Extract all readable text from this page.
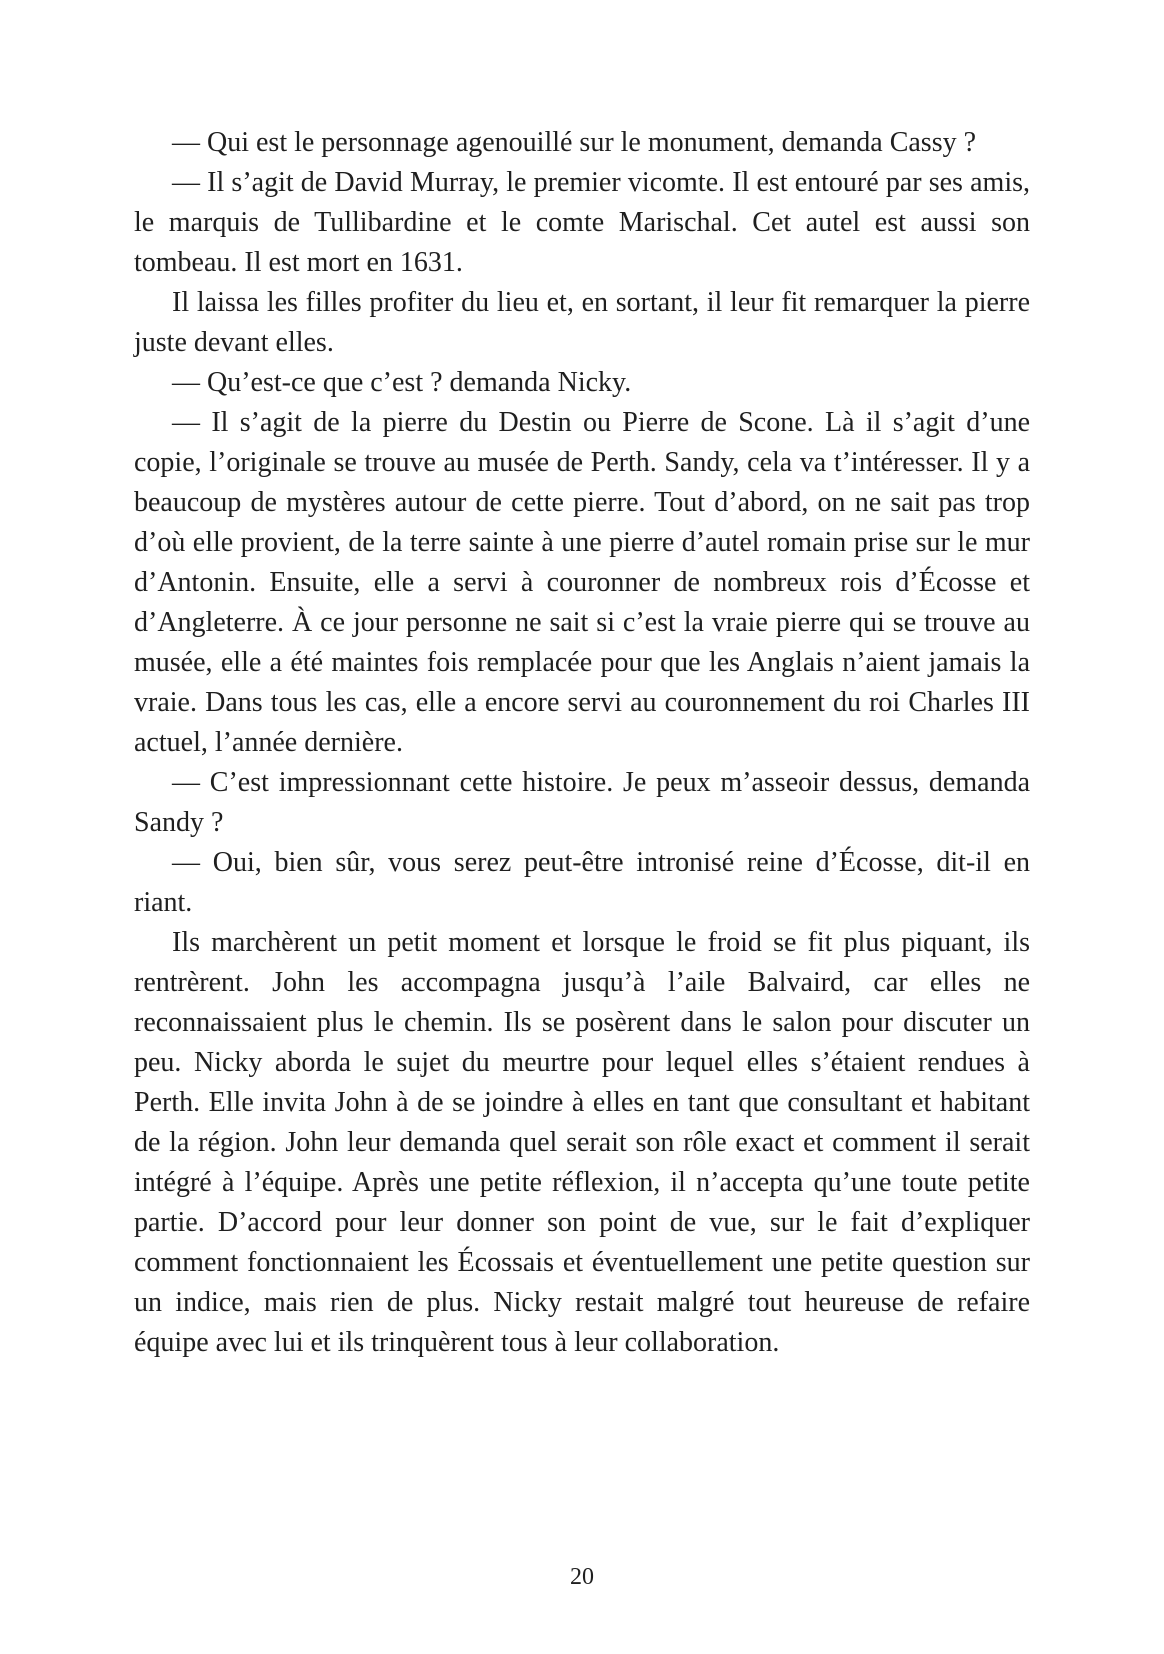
— Qui est le personnage agenouillé sur le monument, demanda Cassy ?

— Il s’agit de David Murray, le premier vicomte. Il est entouré par ses amis, le marquis de Tullibardine et le comte Marischal. Cet autel est aussi son tombeau. Il est mort en 1631.

Il laissa les filles profiter du lieu et, en sortant, il leur fit remarquer la pierre juste devant elles.

— Qu’est-ce que c’est ? demanda Nicky.

— Il s’agit de la pierre du Destin ou Pierre de Scone. Là il s’agit d’une copie, l’originale se trouve au musée de Perth. Sandy, cela va t’intéresser. Il y a beaucoup de mystères autour de cette pierre. Tout d’abord, on ne sait pas trop d’où elle provient, de la terre sainte à une pierre d’autel romain prise sur le mur d’Antonin. Ensuite, elle a servi à couronner de nombreux rois d’Écosse et d’Angleterre. À ce jour personne ne sait si c’est la vraie pierre qui se trouve au musée, elle a été maintes fois remplacée pour que les Anglais n’aient jamais la vraie. Dans tous les cas, elle a encore servi au couronnement du roi Charles III actuel, l’année dernière.

— C’est impressionnant cette histoire. Je peux m’asseoir dessus, demanda Sandy ?

— Oui, bien sûr, vous serez peut-être intronisé reine d’Écosse, dit-il en riant.

Ils marchèrent un petit moment et lorsque le froid se fit plus piquant, ils rentrèrent. John les accompagna jusqu’à l’aile Balvaird, car elles ne reconnaissaient plus le chemin. Ils se posèrent dans le salon pour discuter un peu. Nicky aborda le sujet du meurtre pour lequel elles s’étaient rendues à Perth. Elle invita John à de se joindre à elles en tant que consultant et habitant de la région. John leur demanda quel serait son rôle exact et comment il serait intégré à l’équipe. Après une petite réflexion, il n’accepta qu’une toute petite partie. D’accord pour leur donner son point de vue, sur le fait d’expliquer comment fonctionnaient les Écossais et éventuellement une petite question sur un indice, mais rien de plus. Nicky restait malgré tout heureuse de refaire équipe avec lui et ils trinquèrent tous à leur collaboration.

20
